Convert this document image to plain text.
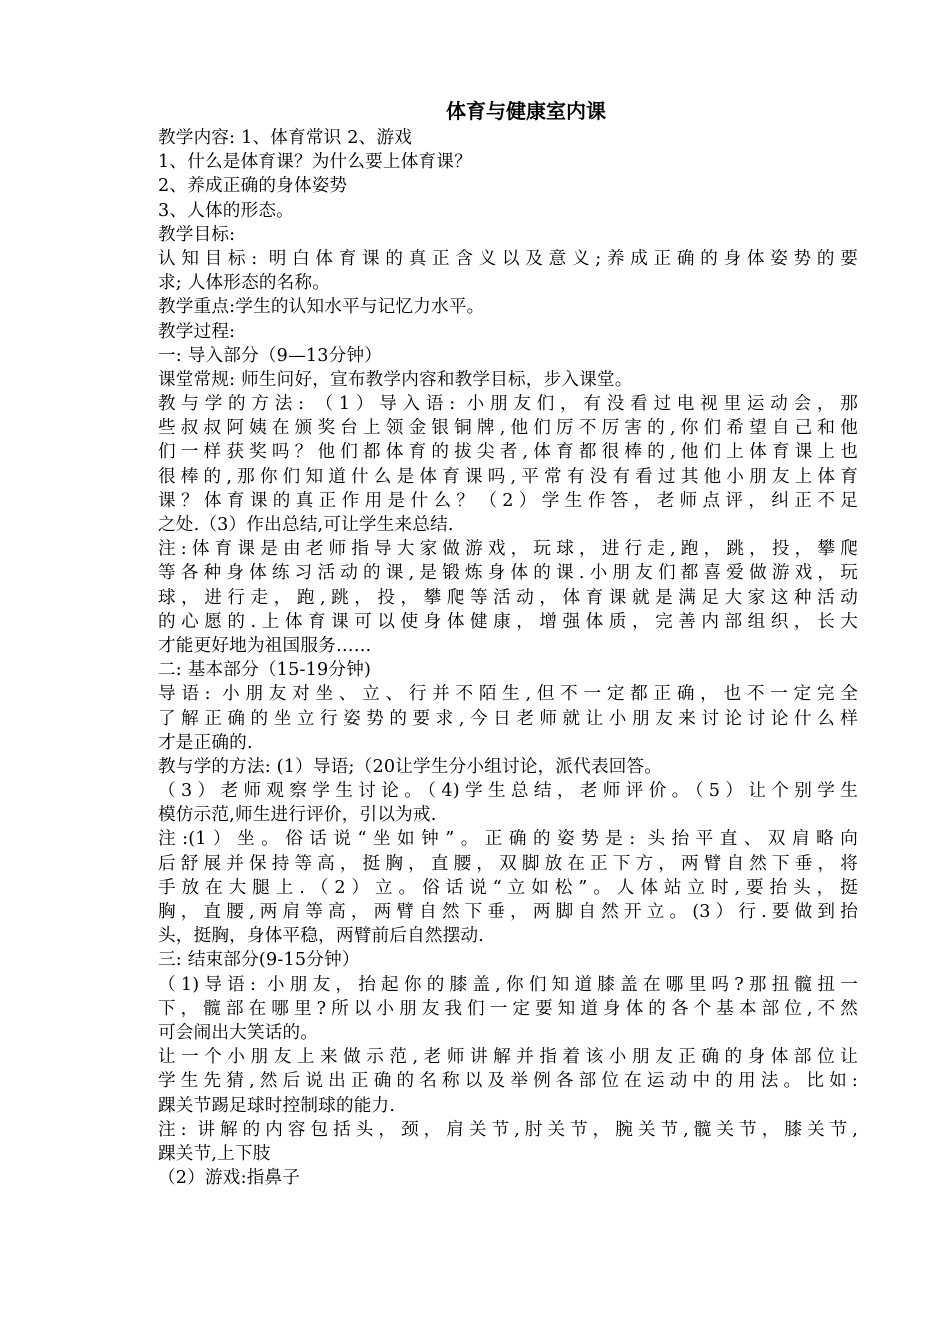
体育与健康室内课

教学内容: 1、体育常识 2、游戏

1、什么是体育课？为什么要上体育课？

2、养成正确的身体姿势

3、人体的形态。

教学目标:

认知目标: 明白体育课的真正含义以及意义;养成正确的身体姿势的要

求; 人体形态的名称。

教学重点:学生的认知水平与记忆力水平。

教学过程:

一: 导入部分（9—13分钟）

课堂常规: 师生问好，宣布教学内容和教学目标，步入课堂。

教与学的方法: （1）导入语: 小朋友们，有没看过电视里运动会，那

些叔叔阿姨在颁奖台上领金银铜牌,他们厉不厉害的,你们希望自己和他

们一样获奖吗？他们都体育的拔尖者,体育都很棒的,他们上体育课上也

很棒的,那你们知道什么是体育课吗,平常有没有看过其他小朋友上体育

课？体育课的真正作用是什么？（2）学生作答，老师点评，纠正不足

之处.（3）作出总结,可让学生来总结.

注:体育课是由老师指导大家做游戏，玩球，进行走,跑，跳，投，攀爬

等各种身体练习活动的课,是锻炼身体的课.小朋友们都喜爱做游戏，玩

球，进行走，跑,跳，投，攀爬等活动，体育课就是满足大家这种活动

的心愿的.上体育课可以使身体健康，增强体质，完善内部组织，长大

才能更好地为祖国服务……

二: 基本部分（15-19分钟)

导语: 小朋友对坐、立、行并不陌生,但不一定都正确，也不一定完全

了解正确的坐立行姿势的要求,今日老师就让小朋友来讨论讨论什么样

才是正确的.

教与学的方法: (1）导语;（20让学生分小组讨论，派代表回答。

（3）老师观察学生讨论。（4)学生总结，老师评价。（5）让个别学生

模仿示范,师生进行评价，引以为戒.

注:(1）坐。俗话说“坐如钟”。正确的姿势是: 头抬平直、双肩略向

后舒展并保持等高，挺胸，直腰，双脚放在正下方，两臂自然下垂，将

手放在大腿上.（2）立。俗话说“立如松”。人体站立时,要抬头，挺

胸，直腰,两肩等高，两臂自然下垂，两脚自然开立。(3）行.要做到抬

头，挺胸，身体平稳，两臂前后自然摆动.

三: 结束部分(9-15分钟）

（1)导语: 小朋友，抬起你的膝盖,你们知道膝盖在哪里吗?那扭髋扭一

下，髋部在哪里?所以小朋友我们一定要知道身体的各个基本部位,不然

可会闹出大笑话的。

让一个小朋友上来做示范,老师讲解并指着该小朋友正确的身体部位让

学生先猜,然后说出正确的名称以及举例各部位在运动中的用法。比如:

踝关节踢足球时控制球的能力.

注: 讲解的内容包括头，颈，肩关节,肘关节，腕关节,髋关节，膝关节,

踝关节,上下肢

（2）游戏:指鼻子
